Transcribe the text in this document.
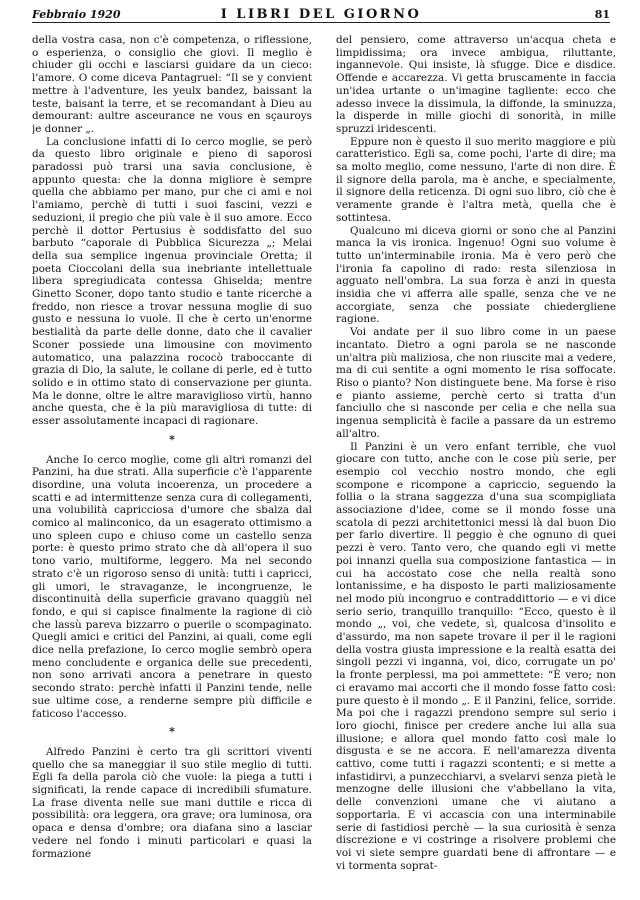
Febbraio 1920	I LIBRI DEL GIORNO	81

della vostra casa, non c'è competenza, o riflessione, o esperienza, o consiglio che giovi. Il meglio è chiuder gli occhi e lasciarsi guidare da un cieco: l'amore. O come diceva Pantagruel: “Il se y convient mettre à l'adventure, les yeulx bandez, baissant la teste, baisant la terre, et se recomandant à Dieu au demourant: aultre asceurance ne vous en sçauroys je donner „.

La conclusione infatti di Io cerco moglie, se però da questo libro originale e pieno di saporosi paradossi può trarsi una savia conclusione, è appunto questa: che la donna migliore è sempre quella che abbiamo per mano, pur che ci ami e noi l'amiamo, perchè di tutti i suoi fascini, vezzi e seduzioni, il pregio che più vale è il suo amore. Ecco perchè il dottor Pertusius è soddisfatto del suo barbuto “caporale di Pubblica Sicurezza „; Melai della sua semplice ingenua provinciale Oretta; il poeta Cioccolani della sua inebriante intellettuale libera spregiudicata contessa Ghiselda; mentre Ginetto Sconer, dopo tanto studio e tante ricerche a freddo, non riesce a trovar nessuna moglie di suo gusto e nessuna lo vuole. Il che è certo un'enorme bestialità da parte delle donne, dato che il cavalier Sconer possiede una limousine con movimento automatico, una palazzina rococò traboccante di grazia di Dio, la salute, le collane di perle, ed è tutto solido e in ottimo stato di conservazione per giunta. Ma le donne, oltre le altre maraviglioso virtù, hanno anche questa, che è la più maravigliosa di tutte: di esser assolutamente incapaci di ragionare.

*

Anche Io cerco moglie, come gli altri romanzi del Panzini, ha due strati. Alla superficie c'è l'apparente disordine, una voluta incoerenza, un procedere a scatti e ad intermittenze senza cura di collegamenti, una volubilità capricciosa d'umore che sbalza dal comico al malinconico, da un esagerato ottimismo a uno spleen cupo e chiuso come un castello senza porte: è questo primo strato che dà all'opera il suo tono vario, multiforme, leggero. Ma nel secondo strato c'è un rigoroso senso di unità: tutti i capricci, gli umori, le stravaganze, le incongruenze, le discontinuità della superficie gravano quaggiù nel fondo, e qui si capisce finalmente la ragione di ciò che lassù pareva bizzarro o puerile o scompaginato. Quegli amici e critici del Panzini, ai quali, come egli dice nella prefazione, Io cerco moglie sembrò opera meno concludente e organica delle sue precedenti, non sono arrivati ancora a penetrare in questo secondo strato: perchè infatti il Panzini tende, nelle sue ultime cose, a renderne sempre più difficile e faticoso l'accesso.

*

Alfredo Panzini è certo tra gli scrittori viventi quello che sa maneggiar il suo stile meglio di tutti. Egli fa della parola ciò che vuole: la piega a tutti i significati, la rende capace di incredibili sfumature. La frase diventa nelle sue mani duttile e ricca di possibilità: ora leggera, ora grave; ora luminosa, ora opaca e densa d'ombre; ora diafana sino a lasciar vedere nel fondo i minuti particolari e quasi la formazione

del pensiero, come attraverso un'acqua cheta e limpidissima; ora invece ambigua, riluttante, ingannevole. Qui insiste, là sfugge. Dice e disdice. Offende e accarezza. Vi getta bruscamente in faccia un'idea urtante o un'imagine tagliente: ecco che adesso invece la dissimula, la diffonde, la sminuzza, la disperde in mille giochi di sonorità, in mille spruzzi iridescenti.

Eppure non è questo il suo merito maggiore e più caratteristico. Egli sa, come pochi, l'arte di dire; ma sa molto meglio, come nessuno, l'arte di non dire. È il signore della parola, ma è anche, e specialmente, il signore della reticenza. Di ogni suo libro, ciò che è veramente grande è l'altra metà, quella che è sottintesa.

Qualcuno mi diceva giorni or sono che al Panzini manca la vis ironica. Ingenuo! Ogni suo volume è tutto un'interminabile ironia. Ma è vero però che l'ironia fa capolino di rado: resta silenziosa in agguato nell'ombra. La sua forza è anzi in questa insidia che vi afferra alle spalle, senza che ve ne accorgiate, senza che possiate chiedergliene ragione.

Voi andate per il suo libro come in un paese incantato. Dietro a ogni parola se ne nasconde un'altra più maliziosa, che non riuscite mai a vedere, ma di cui sentite a ogni momento le risa soffocate. Riso o pianto? Non distinguete bene. Ma forse è riso e pianto assieme, perchè certo si tratta d'un fanciullo che si nasconde per celia e che nella sua ingenua semplicità è facile a passare da un estremo all'altro.

Il Panzini è un vero enfant terrible, che vuol giocare con tutto, anche con le cose più serie, per esempio col vecchio nostro mondo, che egli scompone e ricompone a capriccio, seguendo la follia o la strana saggezza d'una sua scompigliata associazione d'idee, come se il mondo fosse una scatola di pezzi architettonici messi là dal buon Dio per farlo divertire. Il peggio è che ognuno di quei pezzi è vero. Tanto vero, che quando egli vi mette poi innanzi quella sua composizione fantastica — in cui ha accostato cose che nella realtà sono lontanissime, e ha disposto le parti maliziosamente nel modo più incongruo e contraddittorio — e vi dice serio serio, tranquillo tranquillo: “Ecco, questo è il mondo „, voi, che vedete, sì, qualcosa d'insolito e d'assurdo, ma non sapete trovare il per il le ragioni della vostra giusta impressione e la realtà esatta dei singoli pezzi vi inganna, voi, dico, corrugate un po' la fronte perplessi, ma poi ammettete: “È vero; non ci eravamo mai accorti che il mondo fosse fatto così: pure questo è il mondo „. E il Panzini, felice, sorride. Ma poi che i ragazzi prendono sempre sul serio i loro giochi, finisce per credere anche lui alla sua illusione; e allora quel mondo fatto così male lo disgusta e se ne accora. E nell'amarezza diventa cattivo, come tutti i ragazzi scontenti; e si mette a infastidirvi, a punzecchiarvi, a svelarvi senza pietà le menzogne delle illusioni che v'abbellano la vita, delle convenzioni umane che vi aiutano a sopportarla. E vi accascia con una interminabile serie di fastidiosi perchè — la sua curiosità è senza discrezione e vi costringe a risolvere problemi che voi vi siete sempre guardati bene di affrontare — e vi tormenta soprat-
